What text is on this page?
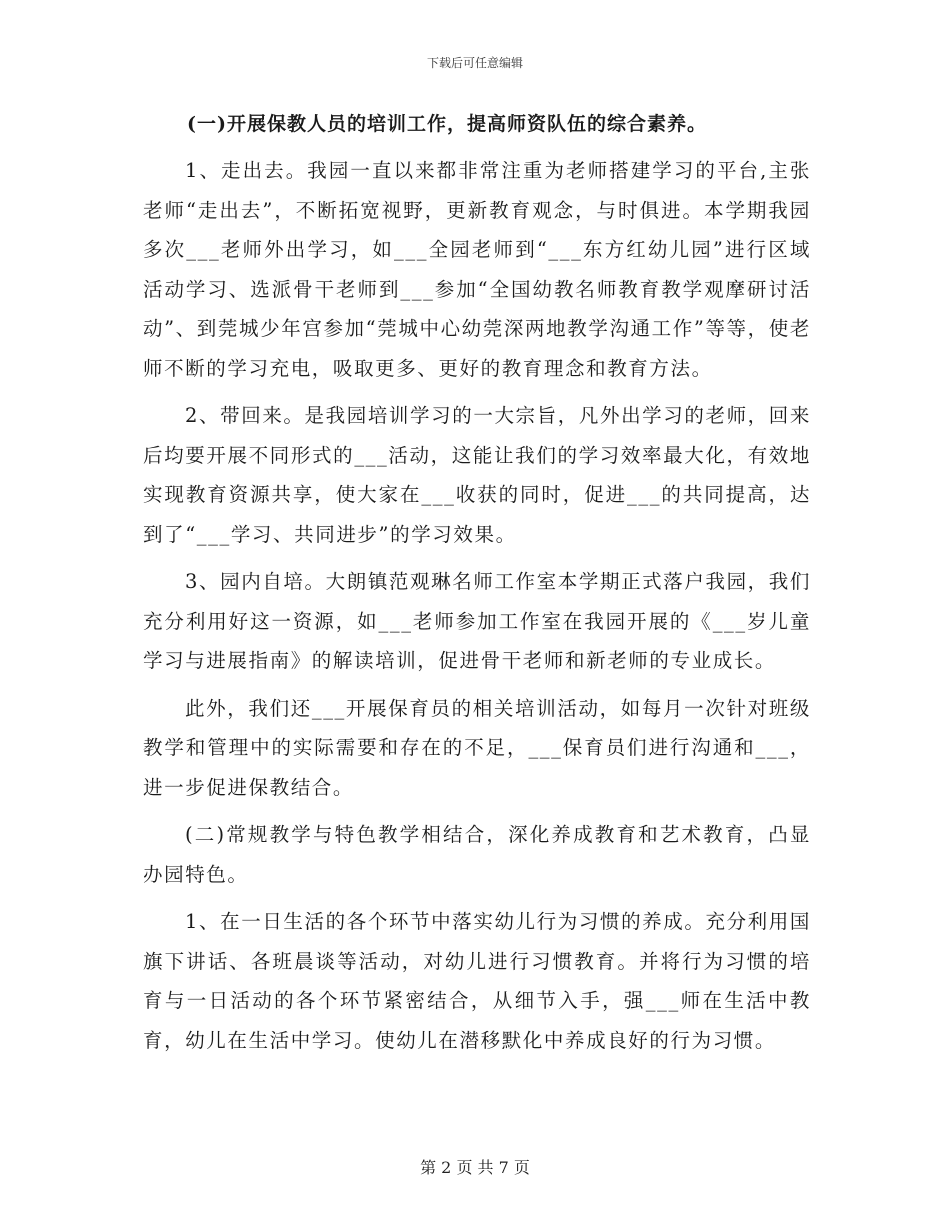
下载后可任意编辑

(一)开展保教人员的培训工作，提高师资队伍的综合素养。

1、走出去。我园一直以来都非常注重为老师搭建学习的平台,主张老师“走出去”，不断拓宽视野，更新教育观念，与时俱进。本学期我园多次___老师外出学习，如___全园老师到“___东方红幼儿园”进行区域活动学习、选派骨干老师到___参加“全国幼教名师教育教学观摩研讨活动”、到莞城少年宫参加“莞城中心幼莞深两地教学沟通工作”等等，使老师不断的学习充电，吸取更多、更好的教育理念和教育方法。

2、带回来。是我园培训学习的一大宗旨，凡外出学习的老师，回来后均要开展不同形式的___活动，这能让我们的学习效率最大化，有效地实现教育资源共享，使大家在___收获的同时，促进___的共同提高，达到了“___学习、共同进步”的学习效果。

3、园内自培。大朗镇范观琳名师工作室本学期正式落户我园，我们充分利用好这一资源，如___老师参加工作室在我园开展的《___岁儿童学习与进展指南》的解读培训，促进骨干老师和新老师的专业成长。

此外，我们还___开展保育员的相关培训活动，如每月一次针对班级教学和管理中的实际需要和存在的不足，___保育员们进行沟通和___，进一步促进保教结合。

(二)常规教学与特色教学相结合，深化养成教育和艺术教育，凸显办园特色。

1、在一日生活的各个环节中落实幼儿行为习惯的养成。充分利用国旗下讲话、各班晨谈等活动，对幼儿进行习惯教育。并将行为习惯的培育与一日活动的各个环节紧密结合，从细节入手，强___师在生活中教育，幼儿在生活中学习。使幼儿在潜移默化中养成良好的行为习惯。

第 2 页 共 7 页
